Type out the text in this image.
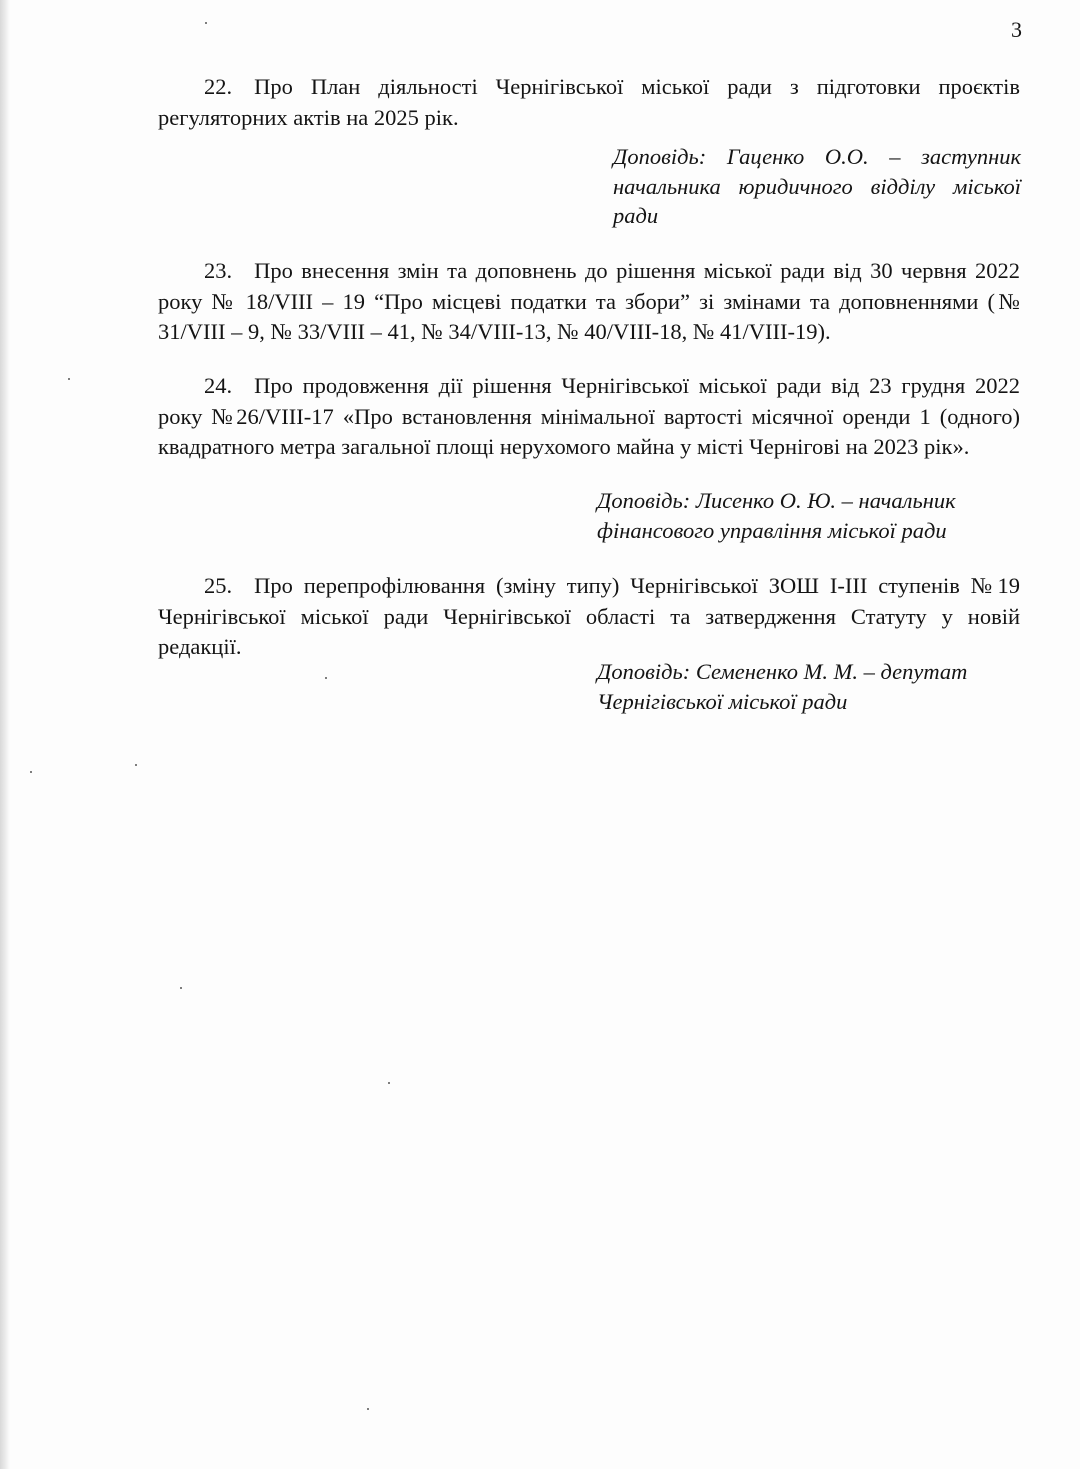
3

22. Про План діяльності Чернігівської міської ради з підготовки проєктів регуляторних актів на 2025 рік.

Доповідь: Гаценко О.О. – заступник начальника юридичного відділу міської ради

23. Про внесення змін та доповнень до рішення міської ради від 30 червня 2022 року № 18/VIII – 19 “Про місцеві податки та збори” зі змінами та доповненнями (№ 31/VIII – 9, № 33/VIII – 41, № 34/VIII-13, № 40/VIII-18, № 41/VIII-19).

24. Про продовження дії рішення Чернігівської міської ради від 23 грудня 2022 року №26/VIII-17 «Про встановлення мінімальної вартості місячної оренди 1 (одного) квадратного метра загальної площі нерухомого майна у місті Чернігові на 2023 рік».

Доповідь: Лисенко О. Ю. – начальник фінансового управління міської ради

25. Про перепрофілювання (зміну типу) Чернігівської ЗОШ І-ІІІ ступенів №19 Чернігівської міської ради Чернігівської області та затвердження Статуту у новій редакції.

Доповідь: Семененко М. М. – депутат Чернігівської міської ради
